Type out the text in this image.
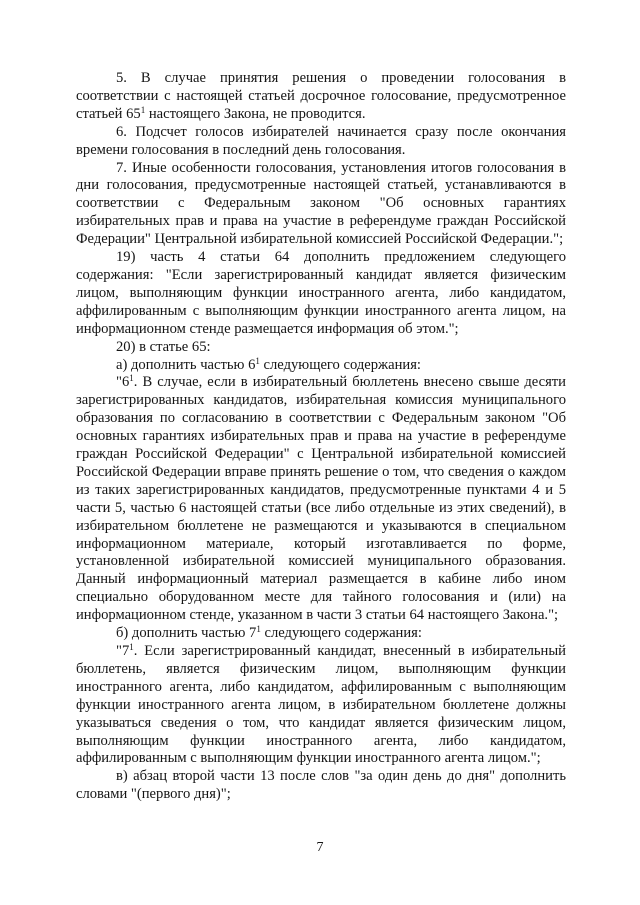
5. В случае принятия решения о проведении голосования в соответствии с настоящей статьей досрочное голосование, предусмотренное статьей $65^1$ настоящего Закона, не проводится.

6. Подсчет голосов избирателей начинается сразу после окончания времени голосования в последний день голосования.

7. Иные особенности голосования, установления итогов голосования в дни голосования, предусмотренные настоящей статьей, устанавливаются в соответствии с Федеральным законом "Об основных гарантиях избирательных прав и права на участие в референдуме граждан Российской Федерации" Центральной избирательной комиссией Российской Федерации.";

19) часть 4 статьи 64 дополнить предложением следующего содержания: "Если зарегистрированный кандидат является физическим лицом, выполняющим функции иностранного агента, либо кандидатом, аффилированным с выполняющим функции иностранного агента лицом, на информационном стенде размещается информация об этом.";

20) в статье 65:

а) дополнить частью $6^1$ следующего содержания:

"$6^1$. В случае, если в избирательный бюллетень внесено свыше десяти зарегистрированных кандидатов, избирательная комиссия муниципального образования по согласованию в соответствии с Федеральным законом "Об основных гарантиях избирательных прав и права на участие в референдуме граждан Российской Федерации" с Центральной избирательной комиссией Российской Федерации вправе принять решение о том, что сведения о каждом из таких зарегистрированных кандидатов, предусмотренные пунктами 4 и 5 части 5, частью 6 настоящей статьи (все либо отдельные из этих сведений), в избирательном бюллетене не размещаются и указываются в специальном информационном материале, который изготавливается по форме, установленной избирательной комиссией муниципального образования. Данный информационный материал размещается в кабине либо ином специально оборудованном месте для тайного голосования и (или) на информационном стенде, указанном в части 3 статьи 64 настоящего Закона.";

б) дополнить частью $7^1$ следующего содержания:

"$7^1$. Если зарегистрированный кандидат, внесенный в избирательный бюллетень, является физическим лицом, выполняющим функции иностранного агента, либо кандидатом, аффилированным с выполняющим функции иностранного агента лицом, в избирательном бюллетене должны указываться сведения о том, что кандидат является физическим лицом, выполняющим функции иностранного агента, либо кандидатом, аффилированным с выполняющим функции иностранного агента лицом.";

в) абзац второй части 13 после слов "за один день до дня" дополнить словами "(первого дня)";

7
